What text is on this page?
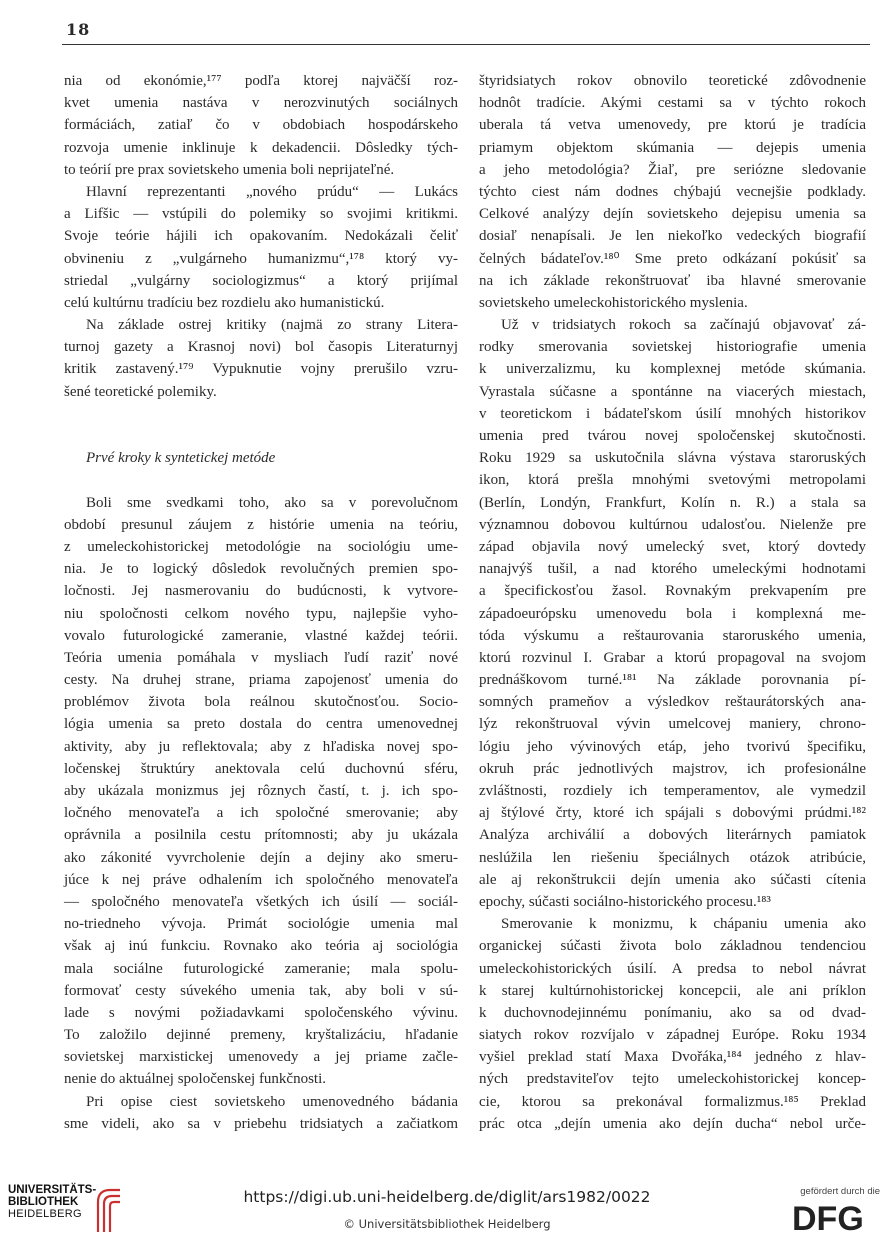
18
nia od ekonómie,¹⁷⁷ podľa ktorej najväčší roz-
kvet umenia nastáva v nerozvinutých sociálnych
formáciách, zatiaľ čo v obdobiach hospodárskeho
rozvoja umenie inklinuje k dekadencii. Dôsledky tých-
to teórií pre prax sovietskeho umenia boli neprijateľné.
Hlavní reprezentanti „nového prúdu“ — Lukács
a Lifšic — vstúpili do polemiky so svojimi kritikmi.
Svoje teórie hájili ich opakovaním. Nedokázali čeliť
obvineniu z „vulgárneho humanizmu“,¹⁷⁸ ktorý vy-
striedal „vulgárny sociologizmus“ a ktorý prijímal
celú kultúrnu tradíciu bez rozdielu ako humanistickú.
Na základe ostrej kritiky (najmä zo strany Litera-
turnoj gazety a Krasnoj novi) bol časopis Literaturnyj
kritik zastavený.¹⁷⁹ Vypuknutie vojny prerušilo vzru-
šené teoretické polemiky.
Prvé kroky k syntetickej metóde
Boli sme svedkami toho, ako sa v porevolučnom
období presunul záujem z histórie umenia na teóriu,
z umeleckohistorickej metodológie na sociológiu ume-
nia. Je to logický dôsledok revolučných premien spo-
ločnosti. Jej nasmerovaniu do budúcnosti, k vytvore-
niu spoločnosti celkom nového typu, najlepšie vyho-
vovalo futurologické zameranie, vlastné každej teórii.
Teória umenia pomáhala v mysliach ľudí raziť nové
cesty. Na druhej strane, priama zapojenosť umenia do
problémov života bola reálnou skutočnosťou. Socio-
lógia umenia sa preto dostala do centra umenovednej
aktivity, aby ju reflektovala; aby z hľadiska novej spo-
ločenskej štruktúry anektovala celú duchovnú sféru,
aby ukázala monizmus jej rôznych častí, t. j. ich spo-
ločného menovateľa a ich spoločné smerovanie; aby
oprávnila a posilnila cestu prítomnosti; aby ju ukázala
ako zákonité vyvrcholenie dejín a dejiny ako smeru-
júce k nej práve odhalením ich spoločného menovateľa
— spoločného menovateľa všetkých ich úsilí — sociál-
no-triedneho vývoja. Primát sociológie umenia mal
však aj inú funkciu. Rovnako ako teória aj sociológia
mala sociálne futurologické zameranie; mala spolu-
formovať cesty súvekého umenia tak, aby boli v sú-
lade s novými požiadavkami spoločenského vývinu.
To založilo dejinné premeny, kryštalizáciu, hľadanie
sovietskej marxistickej umenovedy a jej priame začle-
nenie do aktuálnej spoločenskej funkčnosti.
Pri opise ciest sovietskeho umenovedného bádania
sme videli, ako sa v priebehu tridsiatych a začiatkom
štyridsiatych rokov obnovilo teoretické zdôvodnenie
hodnôt tradície. Akými cestami sa v týchto rokoch
uberala tá vetva umenovedy, pre ktorú je tradícia
priamym objektom skúmania — dejepis umenia
a jeho metodológia? Žiaľ, pre seriózne sledovanie
týchto ciest nám dodnes chýbajú vecnejšie podklady.
Celkové analýzy dejín sovietskeho dejepisu umenia sa
dosiaľ nenapísali. Je len niekoľko vedeckých biografií
čelných bádateľov.¹⁸⁰ Sme preto odkázaní pokúsiť sa
na ich základe rekonštruovať iba hlavné smerovanie
sovietskeho umeleckohistorického myslenia.
Už v tridsiatych rokoch sa začínajú objavovať zá-
rodky smerovania sovietskej historiografie umenia
k univerzalizmu, ku komplexnej metóde skúmania.
Vyrastala súčasne a spontánne na viacerých miestach,
v teoretickom i bádateľskom úsilí mnohých historikov
umenia pred tvárou novej spoločenskej skutočnosti.
Roku 1929 sa uskutočnila slávna výstava staroruských
ikon, ktorá prešla mnohými svetovými metropolami
(Berlín, Londýn, Frankfurt, Kolín n. R.) a stala sa
významnou dobovou kultúrnou udalosťou. Nielenže pre
západ objavila nový umelecký svet, ktorý dovtedy
nanajvýš tušil, a nad ktorého umeleckými hodnotami
a špecifickosťou žasol. Rovnakým prekvapením pre
západoeurópsku umenovedu bola i komplexná me-
tóda výskumu a reštaurovania staroruského umenia,
ktorú rozvinul I. Grabar a ktorú propagoval na svojom
prednáškovom turné.¹⁸¹ Na základe porovnania pí-
somných prameňov a výsledkov reštaurátorských ana-
lýz rekonštruoval vývin umelcovej maniery, chrono-
lógiu jeho vývinových etáp, jeho tvorivú špecifiku,
okruh prác jednotlivých majstrov, ich profesionálne
zvláštnosti, rozdiely ich temperamentov, ale vymedzil
aj štýlové črty, ktoré ich spájali s dobovými prúdmi.¹⁸²
Analýza archiválií a dobových literárnych pamiatok
neslúžila len riešeniu špeciálnych otázok atribúcie,
ale aj rekonštrukcii dejín umenia ako súčasti cítenia
epochy, súčasti sociálno-historického procesu.¹⁸³
Smerovanie k monizmu, k chápaniu umenia ako
organickej súčasti života bolo základnou tendenciou
umeleckohistorických úsilí. A predsa to nebol návrat
k starej kultúrnohistorickej koncepcii, ale ani príklon
k duchovnodejinnému ponímaniu, ako sa od dvad-
siatych rokov rozvíjalo v západnej Európe. Roku 1934
vyšiel preklad statí Maxa Dvořáka,¹⁸⁴ jedného z hlav-
ných predstaviteľov tejto umeleckohistorickej koncep-
cie, ktorou sa prekonával formalizmus.¹⁸⁵ Preklad
prác otca „dejín umenia ako dejín ducha“ nebol urče-
UNIVERSITÄTS-
BIBLIOTHEK
HEIDELBERG
https://digi.ub.uni-heidelberg.de/diglit/ars1982/0022
© Universitätsbibliothek Heidelberg
gefördert durch die
DFG
